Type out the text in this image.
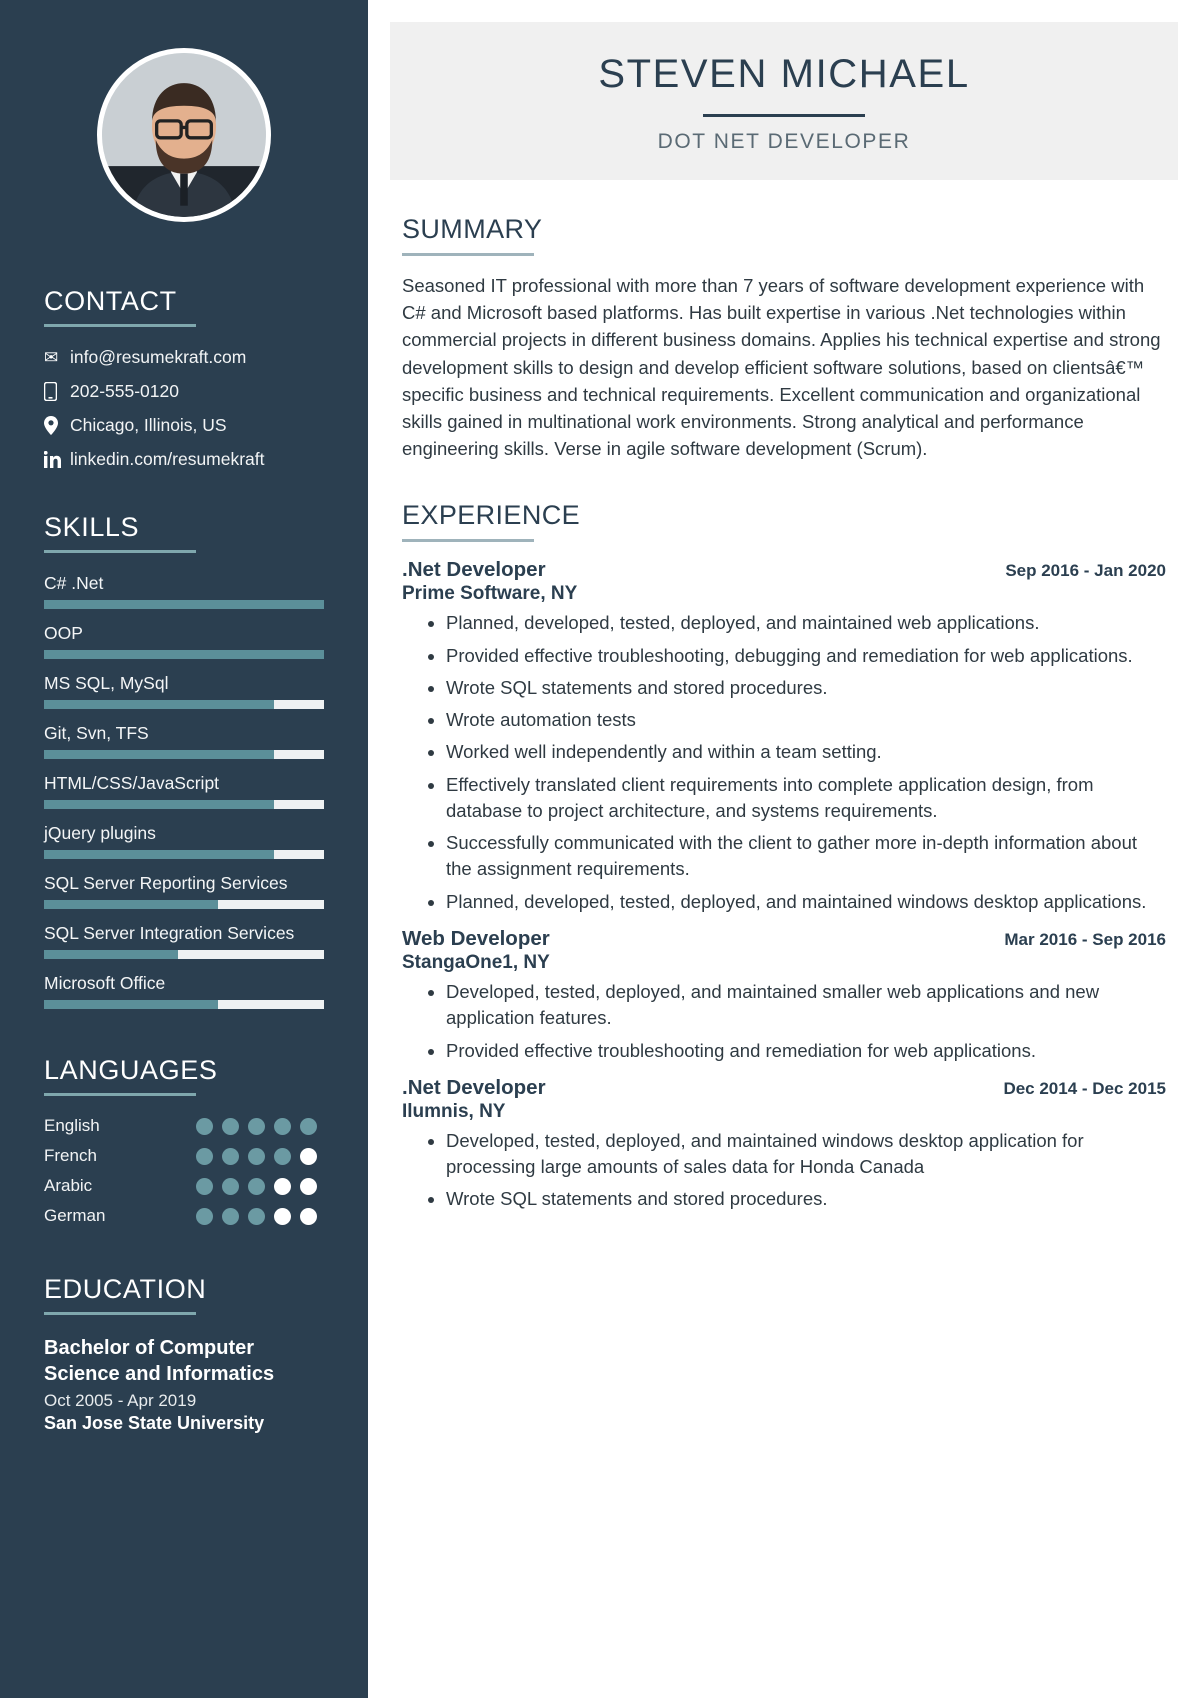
CONTACT
✉ info@resumekraft.com
202-555-0120
Chicago, Illinois, US
linkedin.com/resumekraft
SKILLS
C# .Net
OOP
MS SQL, MySql
Git, Svn, TFS
HTML/CSS/JavaScript
jQuery plugins
SQL Server Reporting Services
SQL Server Integration Services
Microsoft Office
LANGUAGES
English
French
Arabic
German
EDUCATION
Bachelor of Computer Science and Informatics
Oct 2005 - Apr 2019
San Jose State University
STEVEN MICHAEL
DOT NET DEVELOPER
SUMMARY

Seasoned IT professional with more than 7 years of software development experience with C# and Microsoft based platforms. Has built expertise in various .Net technologies within commercial projects in different business domains. Applies his technical expertise and strong development skills to design and develop efficient software solutions, based on clientsâ€™ specific business and technical requirements. Excellent communication and organizational skills gained in multinational work environments. Strong analytical and performance engineering skills. Verse in agile software development (Scrum).

EXPERIENCE
.Net Developer	Sep 2016 - Jan 2020
Prime Software, NY
• Planned, developed, tested, deployed, and maintained web applications.
• Provided effective troubleshooting, debugging and remediation for web applications.
• Wrote SQL statements and stored procedures.
• Wrote automation tests
• Worked well independently and within a team setting.
• Effectively translated client requirements into complete application design, from database to project architecture, and systems requirements.
• Successfully communicated with the client to gather more in-depth information about the assignment requirements.
• Planned, developed, tested, deployed, and maintained windows desktop applications.
Web Developer	Mar 2016 - Sep 2016
StangaOne1, NY
• Developed, tested, deployed, and maintained smaller web applications and new application features.
• Provided effective troubleshooting and remediation for web applications.
.Net Developer	Dec 2014 - Dec 2015
Ilumnis, NY
• Developed, tested, deployed, and maintained windows desktop application for processing large amounts of sales data for Honda Canada
• Wrote SQL statements and stored procedures.
